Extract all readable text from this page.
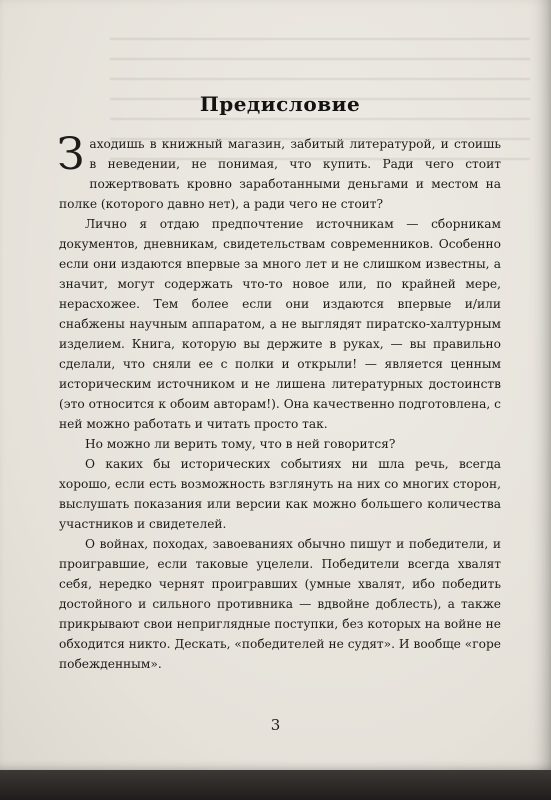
Предисловие

Заходишь в книжный магазин, забитый литературой, и стоишь в неведении, не понимая, что купить. Ради чего стоит пожертвовать кровно заработанными деньгами и местом на полке (которого давно нет), а ради чего не стоит?

Лично я отдаю предпочтение источникам — сборникам документов, дневникам, свидетельствам современников. Особенно если они издаются впервые за много лет и не слишком известны, а значит, могут содержать что-то новое или, по крайней мере, нерасхожее. Тем более если они издаются впервые и/или снабжены научным аппаратом, а не выглядят пиратско-халтурным изделием. Книга, которую вы держите в руках, — вы правильно сделали, что сняли ее с полки и открыли! — является ценным историческим источником и не лишена литературных достоинств (это относится к обоим авторам!). Она качественно подготовлена, с ней можно работать и читать просто так.

Но можно ли верить тому, что в ней говорится?

О каких бы исторических событиях ни шла речь, всегда хорошо, если есть возможность взглянуть на них со многих сторон, выслушать показания или версии как можно большего количества участников и свидетелей.

О войнах, походах, завоеваниях обычно пишут и победители, и проигравшие, если таковые уцелели. Победители всегда хвалят себя, нередко чернят проигравших (умные хвалят, ибо победить достойного и сильного противника — вдвойне доблесть), а также прикрывают свои неприглядные поступки, без которых на войне не обходится никто. Дескать, «победителей не судят». И вообще «горе побежденным».

3
